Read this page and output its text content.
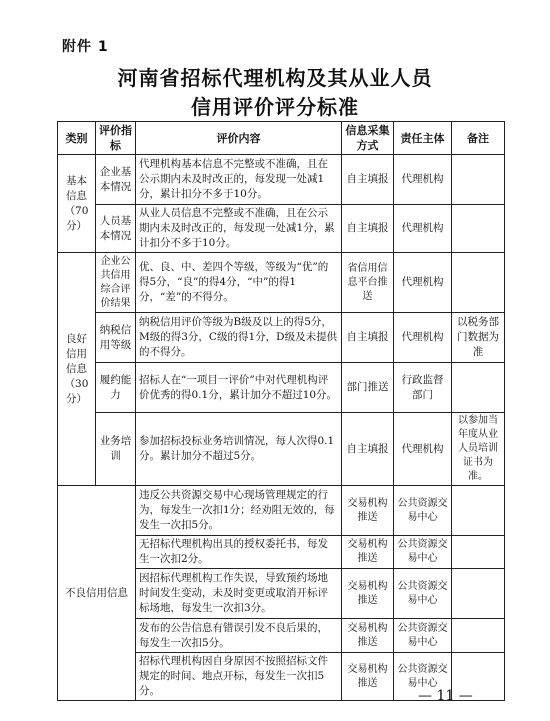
附件 1
河南省招标代理机构及其从业人员
信用评价评分标准
类别	评价指标	评价内容	信息采集方式	责任主体	备注
基本信息（70分）	企业基本情况	代理机构基本信息不完整或不准确，且在公示期内未及时改正的，每发现一处减1分，累计扣分不多于10分。	自主填报	代理机构	
	人员基本情况	从业人员信息不完整或不准确，且在公示期内未及时改正的，每发现一处减1分，累计扣分不多于10分。	自主填报	代理机构	
良好信用信息（30分）	企业公共信用综合评价结果	优、良、中、差四个等级，等级为“优”的得5分，“良”的得4分，“中”的得1分，“差”的不得分。	省信用信息平台推送	代理机构	
	纳税信用等级	纳税信用评价等级为B级及以上的得5分，M级的得3分，C级的得1分，D级及未提供的不得分。	自主填报	代理机构	以税务部门数据为准
	履约能力	招标人在“一项目一评价”中对代理机构评价优秀的得0.1分，累计加分不超过10分。	部门推送	行政监督部门	
	业务培训	参加招标投标业务培训情况，每人次得0.1分。累计加分不超过5分。	自主填报	代理机构	以参加当年度从业人员培训证书为准。
不良信用信息		违反公共资源交易中心现场管理规定的行为，每发生一次扣1分；经劝阻无效的，每发生一次扣5分。	交易机构推送	公共资源交易中心	
		无招标代理机构出具的授权委托书，每发生一次扣2分。	交易机构推送	公共资源交易中心	
		因招标代理机构工作失误，导致预约场地时间发生变动，未及时变更或取消开标评标场地，每发生一次扣3分。	交易机构推送	公共资源交易中心	
		发布的公告信息有错误引发不良后果的，每发生一次扣5分。	交易机构推送	公共资源交易中心	
		招标代理机构因自身原因不按照招标文件规定的时间、地点开标，每发生一次扣5分。	交易机构推送	公共资源交易中心	
— 11 —
